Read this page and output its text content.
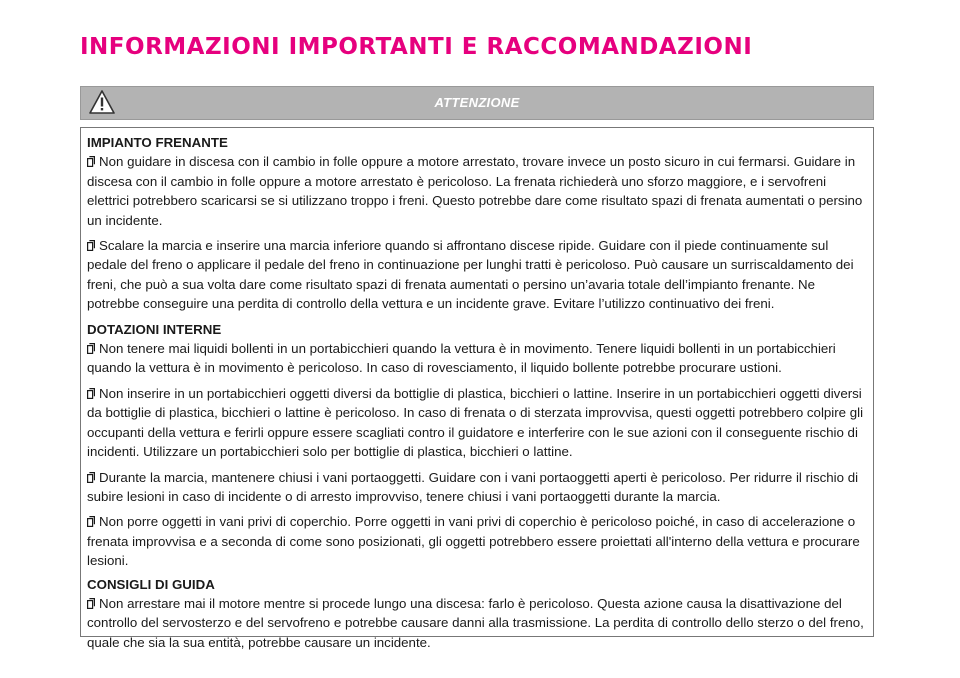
INFORMAZIONI IMPORTANTI E RACCOMANDAZIONI
ATTENZIONE
IMPIANTO FRENANTE

Non guidare in discesa con il cambio in folle oppure a motore arrestato, trovare invece un posto sicuro in cui fermarsi. Guidare in discesa con il cambio in folle oppure a motore arrestato è pericoloso. La frenata richiederà uno sforzo maggiore, e i servofreni elettrici potrebbero scaricarsi se si utilizzano troppo i freni. Questo potrebbe dare come risultato spazi di frenata aumentati o persino un incidente.

Scalare la marcia e inserire una marcia inferiore quando si affrontano discese ripide. Guidare con il piede continuamente sul pedale del freno o applicare il pedale del freno in continuazione per lunghi tratti è pericoloso. Può causare un surriscaldamento dei freni, che può a sua volta dare come risultato spazi di frenata aumentati o persino un’avaria totale dell’impianto frenante. Ne potrebbe conseguire una perdita di controllo della vettura e un incidente grave. Evitare l’utilizzo continuativo dei freni.

DOTAZIONI INTERNE

Non tenere mai liquidi bollenti in un portabicchieri quando la vettura è in movimento. Tenere liquidi bollenti in un portabicchieri quando la vettura è in movimento è pericoloso. In caso di rovesciamento, il liquido bollente potrebbe procurare ustioni.

Non inserire in un portabicchieri oggetti diversi da bottiglie di plastica, bicchieri o lattine. Inserire in un portabicchieri oggetti diversi da bottiglie di plastica, bicchieri o lattine è pericoloso. In caso di frenata o di sterzata improvvisa, questi oggetti potrebbero colpire gli occupanti della vettura e ferirli oppure essere scagliati contro il guidatore e interferire con le sue azioni con il conseguente rischio di incidenti. Utilizzare un portabicchieri solo per bottiglie di plastica, bicchieri o lattine.

Durante la marcia, mantenere chiusi i vani portaoggetti. Guidare con i vani portaoggetti aperti è pericoloso. Per ridurre il rischio di subire lesioni in caso di incidente o di arresto improvviso, tenere chiusi i vani portaoggetti durante la marcia.

Non porre oggetti in vani privi di coperchio. Porre oggetti in vani privi di coperchio è pericoloso poiché, in caso di accelerazione o frenata improvvisa e a seconda di come sono posizionati, gli oggetti potrebbero essere proiettati all'interno della vettura e procurare lesioni.

CONSIGLI DI GUIDA

Non arrestare mai il motore mentre si procede lungo una discesa: farlo è pericoloso. Questa azione causa la disattivazione del controllo del servosterzo e del servofreno e potrebbe causare danni alla trasmissione. La perdita di controllo dello sterzo o del freno, quale che sia la sua entità, potrebbe causare un incidente.
